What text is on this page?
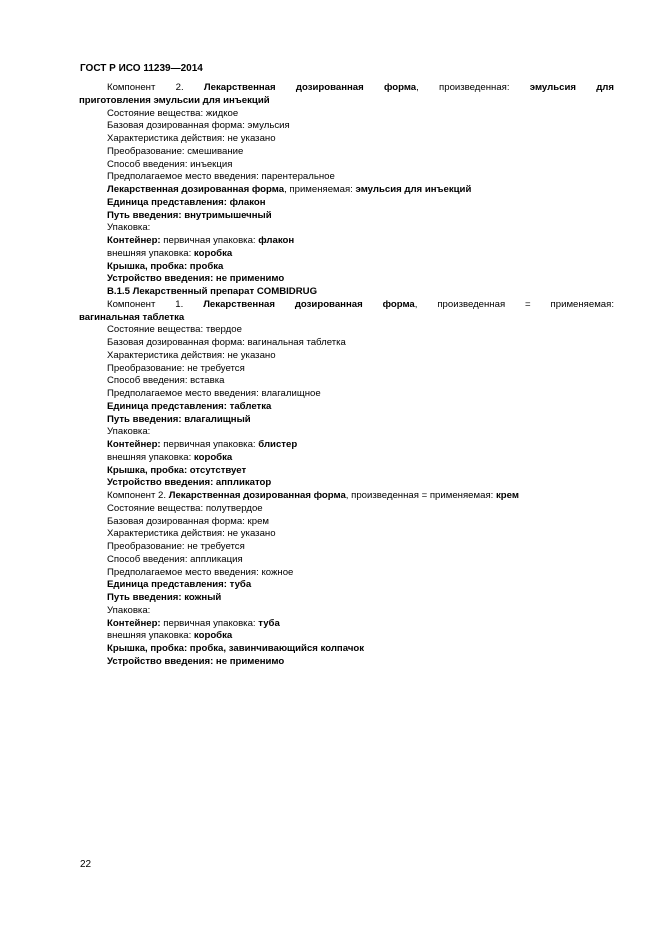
ГОСТ Р ИСО 11239—2014
Компонент 2. Лекарственная дозированная форма, произведенная: эмульсия для
приготовления эмульсии для инъекций
Состояние вещества: жидкое
Базовая дозированная форма: эмульсия
Характеристика действия: не указано
Преобразование: смешивание
Способ введения: инъекция
Предполагаемое место введения: парентеральное
Лекарственная дозированная форма, применяемая: эмульсия для инъекций
Единица представления: флакон
Путь введения: внутримышечный
Упаковка:
Контейнер: первичная упаковка: флакон
внешняя упаковка: коробка
Крышка, пробка: пробка
Устройство введения: не применимо
В.1.5 Лекарственный препарат COMBIDRUG
Компонент 1. Лекарственная дозированная форма, произведенная = применяемая:
вагинальная таблетка
Состояние вещества: твердое
Базовая дозированная форма: вагинальная таблетка
Характеристика действия: не указано
Преобразование: не требуется
Способ введения: вставка
Предполагаемое место введения: влагалищное
Единица представления: таблетка
Путь введения: влагалищный
Упаковка:
Контейнер: первичная упаковка: блистер
внешняя упаковка: коробка
Крышка, пробка: отсутствует
Устройство введения: аппликатор
Компонент 2. Лекарственная дозированная форма, произведенная = применяемая: крем
Состояние вещества: полутвердое
Базовая дозированная форма: крем
Характеристика действия: не указано
Преобразование: не требуется
Способ введения: аппликация
Предполагаемое место введения: кожное
Единица представления: туба
Путь введения: кожный
Упаковка:
Контейнер: первичная упаковка: туба
внешняя упаковка: коробка
Крышка, пробка: пробка, завинчивающийся колпачок
Устройство введения: не применимо
22
